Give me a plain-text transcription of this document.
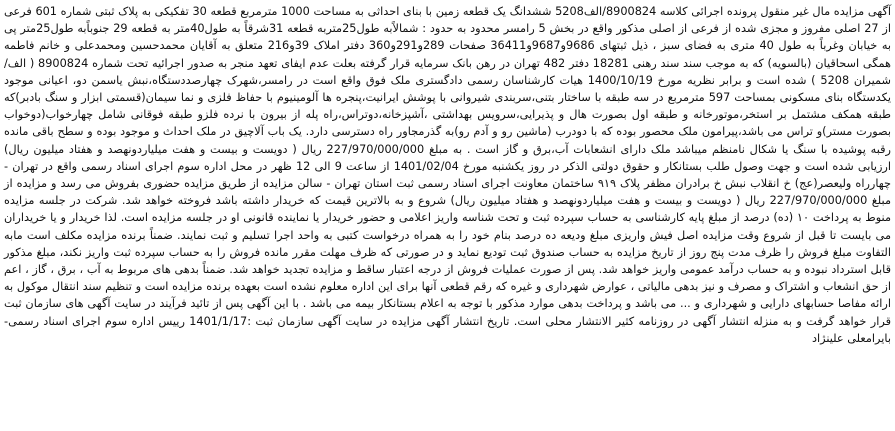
آگهی مزایده مال غیر منقول پرونده اجرائی کلاسه 8900824/الف5208 ششدانگ یک قطعه زمین با بنای احداثی به مساحت 1000 مترمربع قطعه 30 تفکیکی به پلاک ثبتی شماره 601 فرعی از 27 اصلی مفروز و مجزی شده از فرعی از اصلی مذکور واقع در بخش 5 رامسر محدود به حدود : شمالاًبه طول25متربه قطعه 31شرقاً به طول40متر به قطعه 29 جنوباًبه طول25متر پی به خیابان وغرباً به طول 40 متری به فضای سبز ، ذیل ثبتهای 9686و9687و36411 صفحات 289و291و360 دفتر املاک 39و216 متعلق به آقایان محمدحسین ومحمدعلی و خانم فاطمه همگی اسحاقیان (بالسویه) که به موجب سند سند رهنی 18281 دفتر 482 تهران در رهن بانک سرمایه قرار گرفته بعلت عدم ایفای تعهد منجر به صدور اجرائیه تحت شماره 8900824 ( الف/ شمیران 5208 ) شده است و برابر نظریه مورخ 1400/10/19 هیات کارشناسان رسمی دادگستری ملک فوق واقع است در رامسر،شهرک چهارصددستگاه،نبش یاسمن دو، اعیانی موجود یکدستگاه بنای مسکونی بمساحت 597 مترمربع در سه طبقه با ساختار بتنی،سربندی شیروانی با پوشش ایرانیت،پنجره ها آلومینیوم با حفاظ فلزی و نما سیمان(قسمتی ابزار و سنگ بادبر)که طبقه همکف مشتمل بر استخر،موتورخانه و طبقه اول بصورت هال و پذیرایی،سرویس بهداشتی ،آشپزخانه،دوتراس،راه پله از بیرون با نرده فلزو طبقه فوقانی شامل چهارخواب(دوخواب بصورت مستر)و تراس می باشد،پیرامون ملک محصور بوده که با دودرب (ماشین رو و آدم رو)به گذرمجاور راه دسترسی دارد. یک باب آلاچیق در ملک احداث و موجود بوده و سطح باقی مانده رقبه پوشیده با سنگ یا شکال نامنظم میباشد ملک دارای انشعابات آب،برق و گاز است . به مبلغ 227/970/000/000 ریال ( دویست و بیست و هفت میلیاردونهصد و هفتاد میلیون ریال) ارزیابی شده است و جهت وصول طلب بستانکار و حقوق دولتی الذکر در روز یکشنبه مورخ 1401/02/04 از ساعت 9 الی 12 ظهر در محل اداره سوم اجرای اسناد رسمی واقع در تهران - چهارراه ولیعصر(عج) خ انقلاب نبش خ برادران مظفر پلاک ۹۱۹ ساختمان معاونت اجرای اسناد رسمی ثبت استان تهران - سالن مزایده از طریق مزایده حضوری بفروش می رسد و مزایده از مبلغ 227/970/000/000 ریال ( دویست و بیست و هفت میلیاردونهصد و هفتاد میلیون ریال) شروع و به بالاترین قیمت که خریدار داشته باشد فروخته خواهد شد. شرکت در جلسه مزایده منوط به پرداخت ۱۰ (ده) درصد از مبلغ پایه کارشناسی به حساب سپرده ثبت و تحت شناسه واریز اعلامی و حضور خریدار یا نماینده قانونی او در جلسه مزایده است. لذا خریدار و یا خریداران می بایست تا قبل از شروع وقت مزایده اصل فیش واریزی مبلغ ودیعه ده درصد بنام خود را به همراه درخواست کتبی به واحد اجرا تسلیم و ثبت نمایند. ضمناً برنده مزایده مکلف است مابه التفاوت مبلغ فروش را ظرف مدت پنج روز از تاریخ مزایده به حساب صندوق ثبت تودیع نماید و در صورتی که ظرف مهلت مقرر مانده فروش را به حساب سپرده ثبت واریز نکند، مبلغ مذکور قابل استرداد نبوده و به حساب درآمد عمومی واریز خواهد شد. پس از صورت عملیات فروش از درجه اعتبار ساقط و مزایده تجدید خواهد شد. ضمناً بدهی های مربوط به آب ، برق ، گاز ، اعم از حق انشعاب و اشتراک و مصرف و نیز بدهی مالیاتی ، عوارض شهرداری و غیره که رقم قطعی آنها برای این اداره معلوم نشده است بعهده برنده مزایده است و تنظیم سند انتقال موکول به ارائه مفاصا حسابهای دارایی و شهرداری و ... می باشد و پرداخت بدهی موارد مذکور با توجه به اعلام بستانکار بیمه می باشد . با این آگهی پس از تائید فرآیند در سایت آگهی های سازمان ثبت قرار خواهد گرفت و به منزله انتشار آگهی در روزنامه کثیر الانتشار محلی است. تاریخ انتشار آگهی مزایده در سایت آگهی سازمان ثبت :1401/1/17 رییس اداره سوم اجرای اسناد رسمی- بایرامعلی علینژاد
